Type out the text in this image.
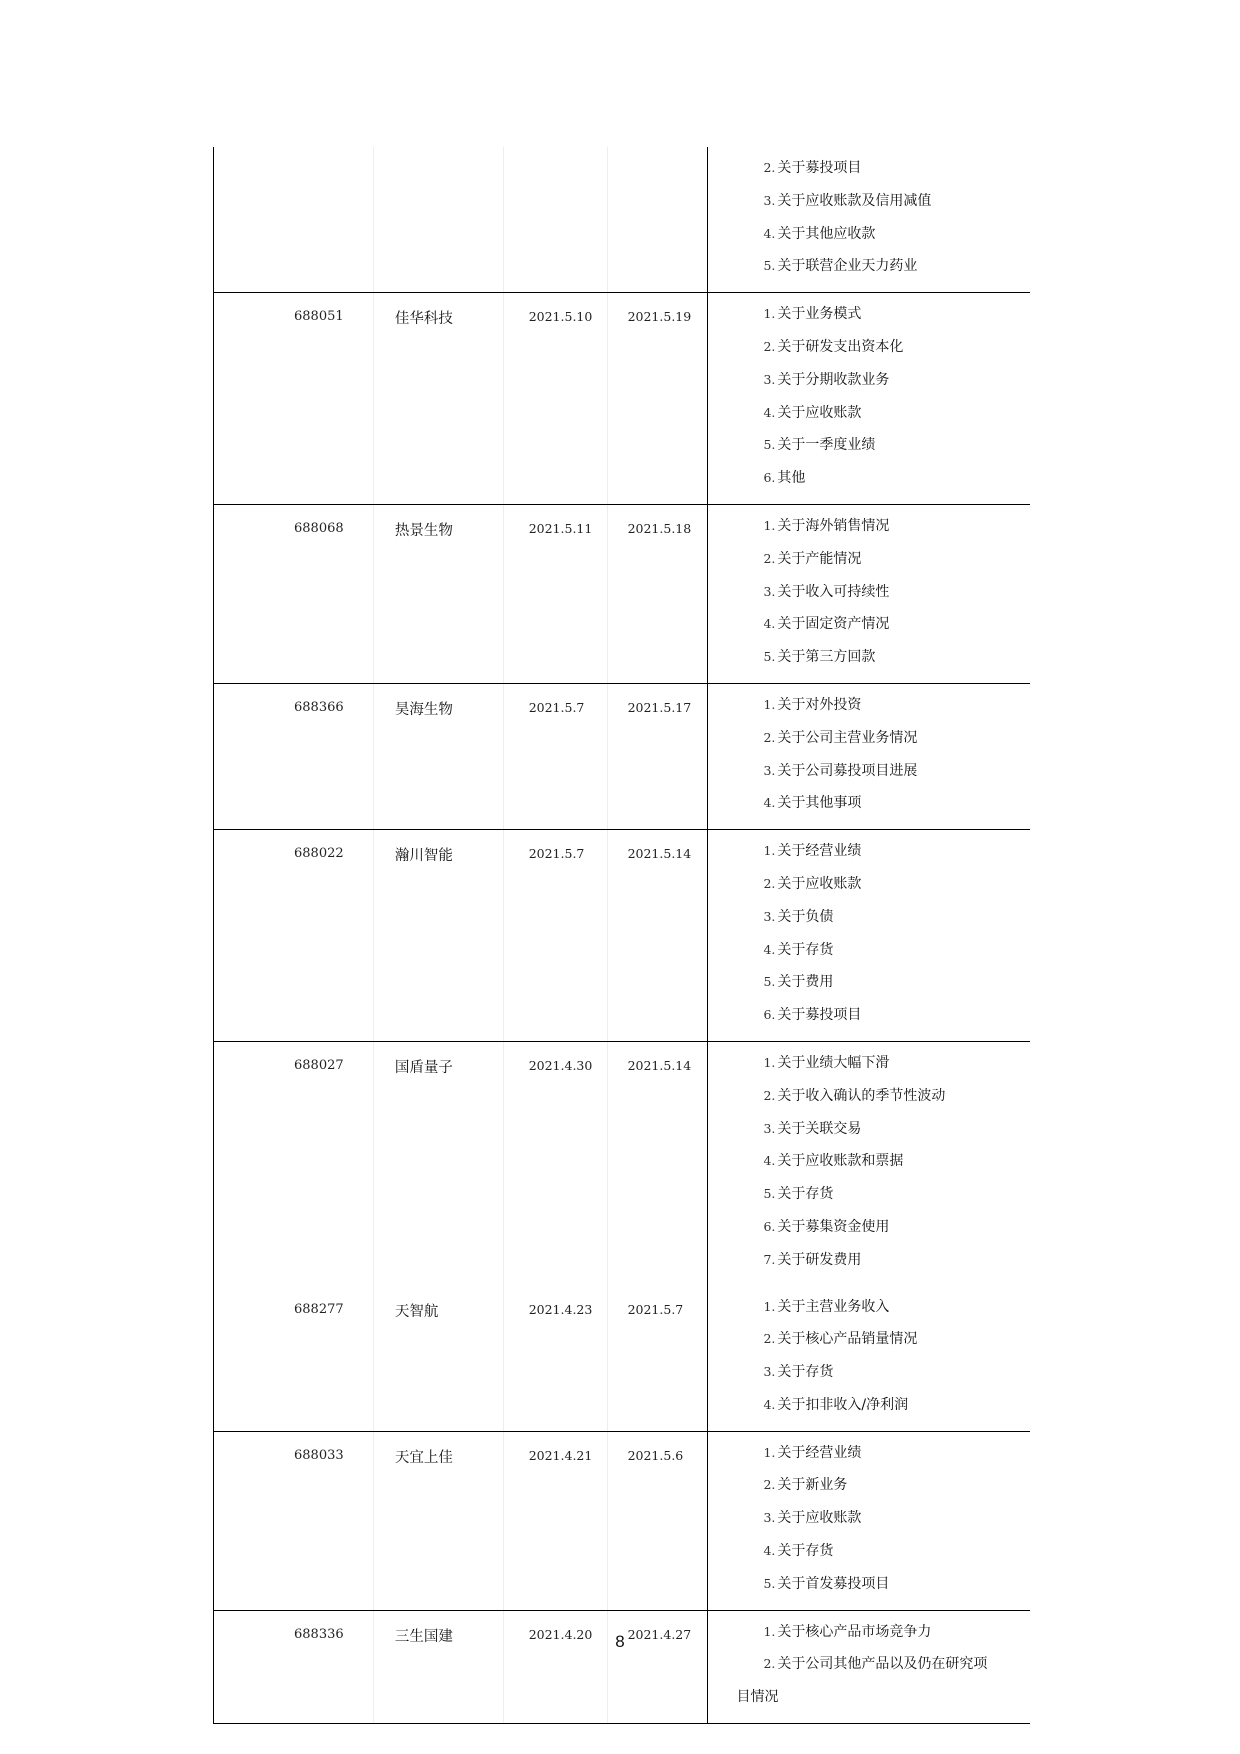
2. 关于募投项目
3. 关于应收账款及信用减值
4. 关于其他应收款
5. 关于联营企业天力药业
688051	佳华科技	2021.5.10	2021.5.19	1. 关于业务模式
2. 关于研发支出资本化
3. 关于分期收款业务
4. 关于应收账款
5. 关于一季度业绩
6. 其他
688068	热景生物	2021.5.11	2021.5.18	1. 关于海外销售情况
2. 关于产能情况
3. 关于收入可持续性
4. 关于固定资产情况
5. 关于第三方回款
688366	昊海生物	2021.5.7	2021.5.17	1. 关于对外投资
2. 关于公司主营业务情况
3. 关于公司募投项目进展
4. 关于其他事项
688022	瀚川智能	2021.5.7	2021.5.14	1. 关于经营业绩
2. 关于应收账款
3. 关于负债
4. 关于存货
5. 关于费用
6. 关于募投项目
688027	国盾量子	2021.4.30	2021.5.14	1. 关于业绩大幅下滑
2. 关于收入确认的季节性波动
3. 关于关联交易
4. 关于应收账款和票据
5. 关于存货
6. 关于募集资金使用
7. 关于研发费用
688277	天智航	2021.4.23	2021.5.7	1. 关于主营业务收入
2. 关于核心产品销量情况
3. 关于存货
4. 关于扣非收入/净利润
688033	天宜上佳	2021.4.21	2021.5.6	1. 关于经营业绩
2. 关于新业务
3. 关于应收账款
4. 关于存货
5. 关于首发募投项目
688336	三生国建	2021.4.20	2021.4.27	1. 关于核心产品市场竞争力
2. 关于公司其他产品以及仍在研究项
目情况
8
